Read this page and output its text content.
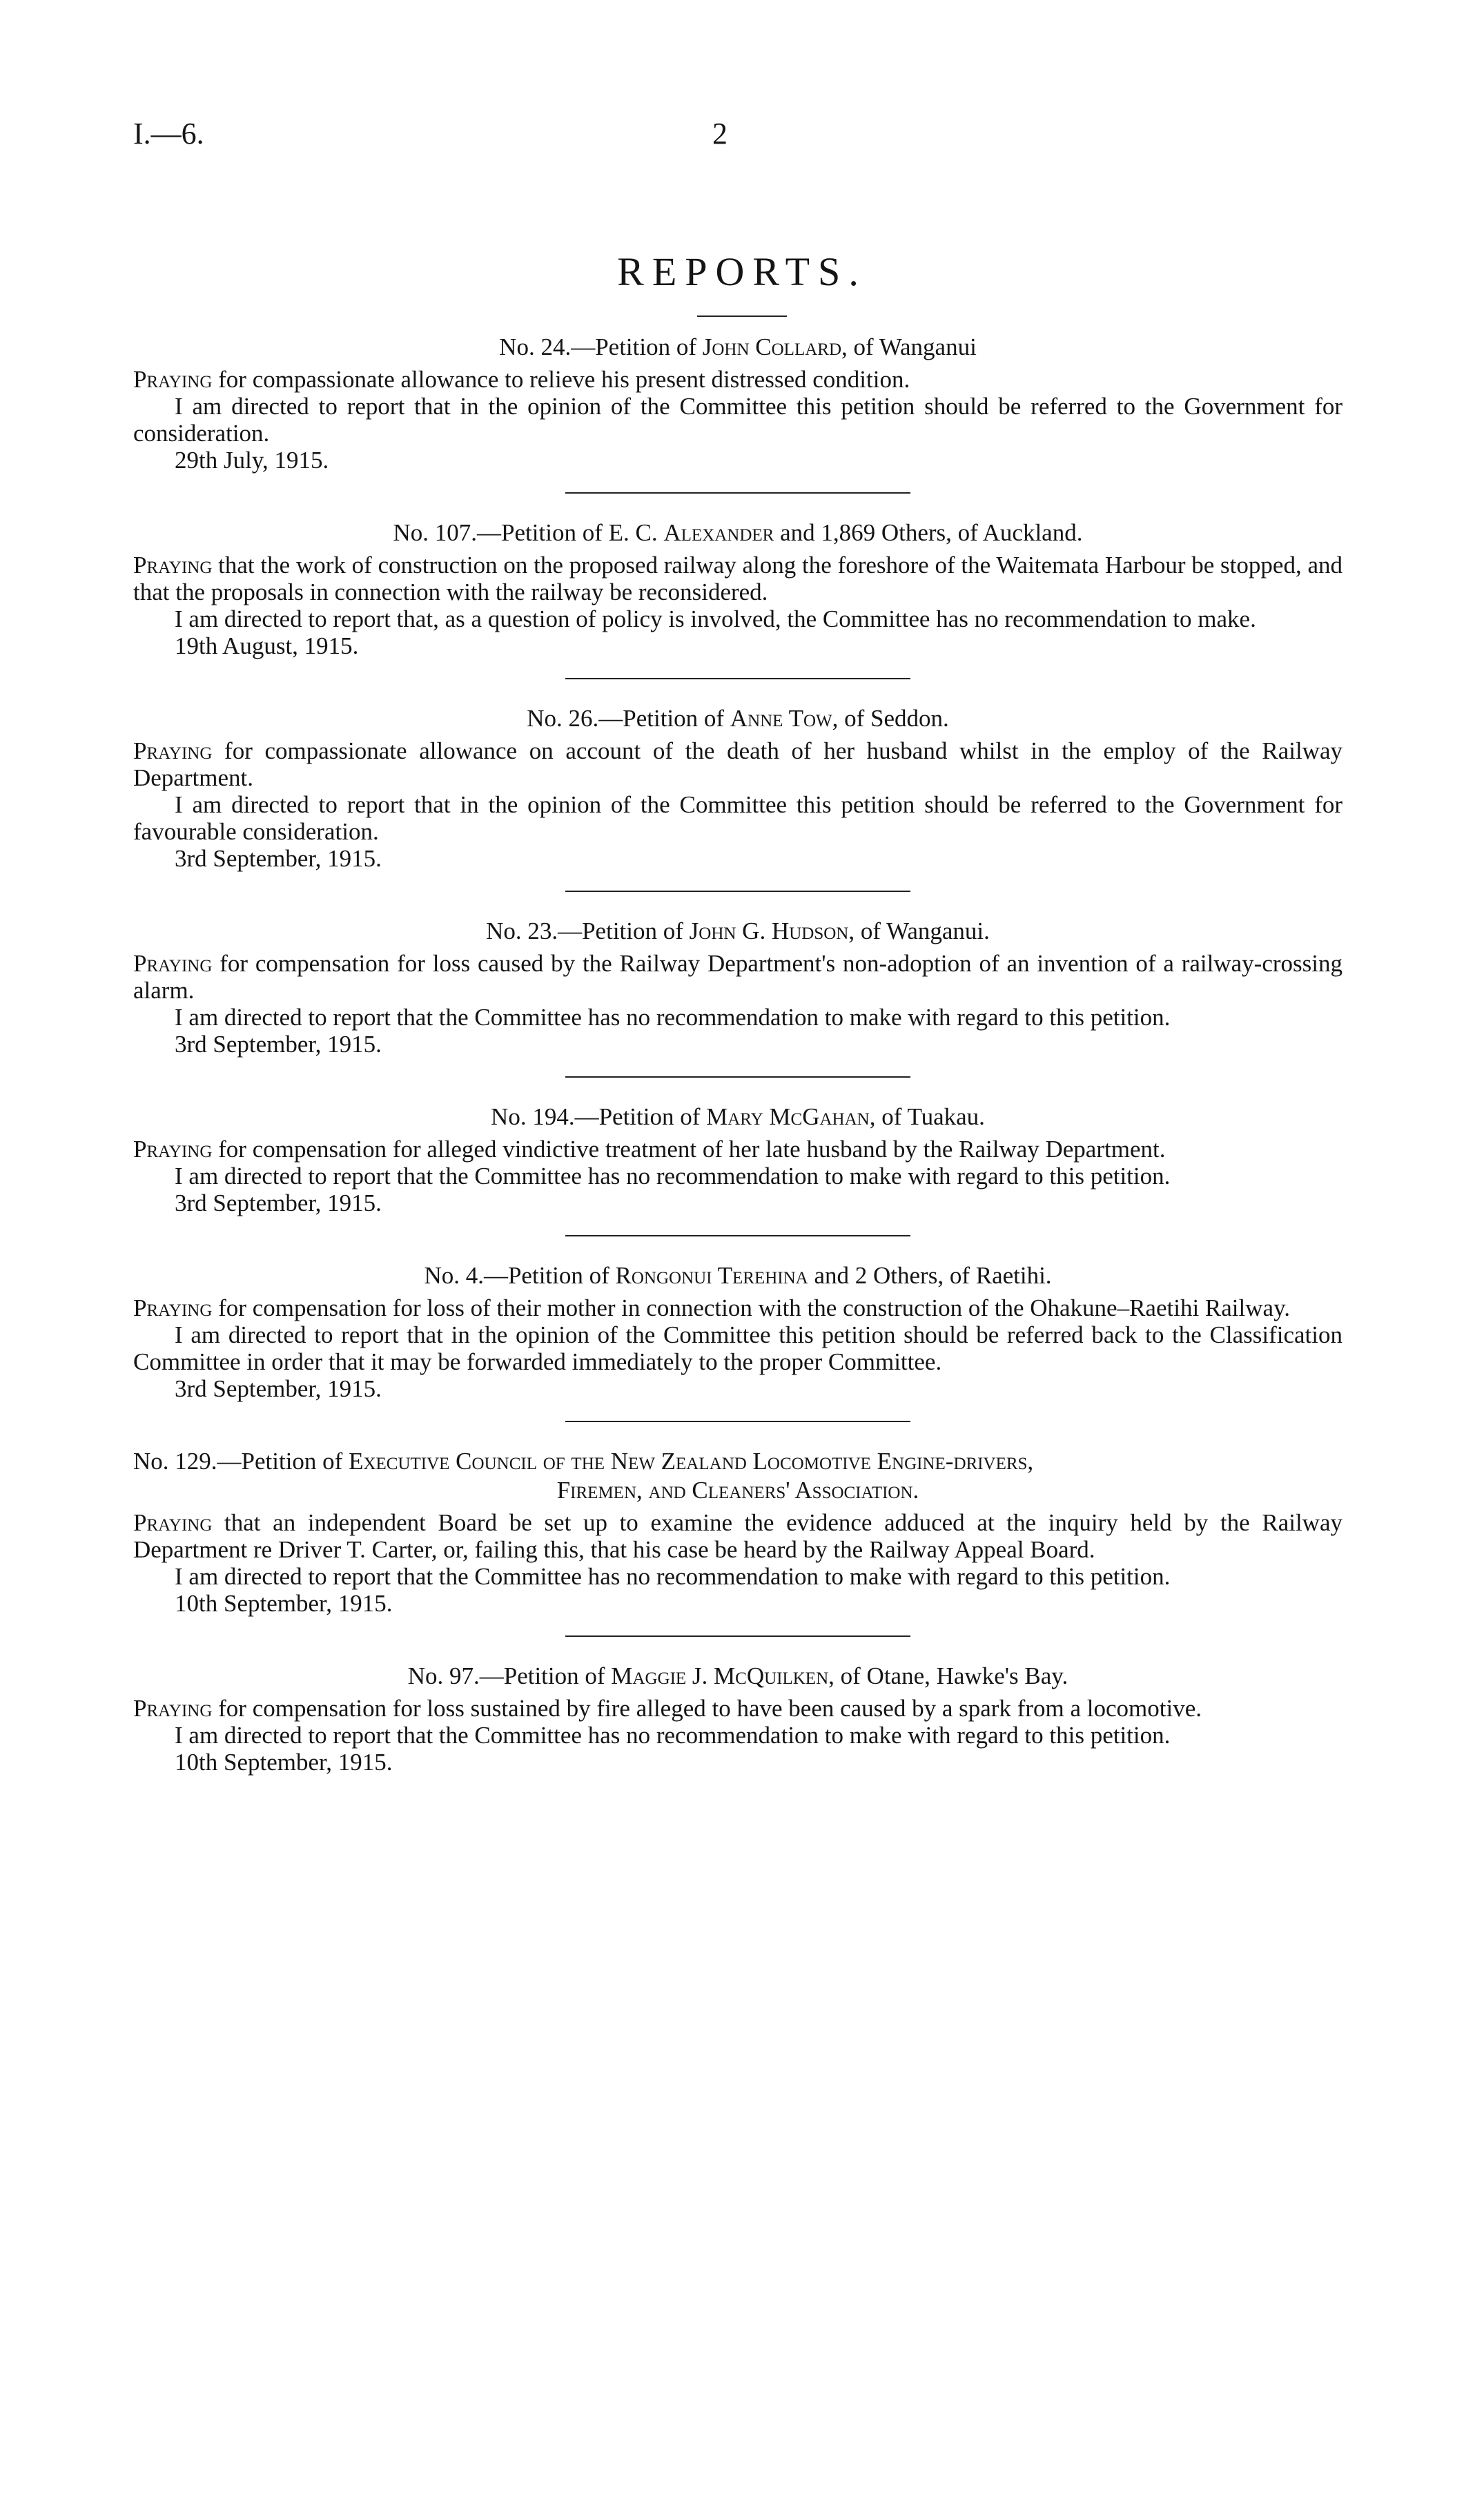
I.—6.	2
REPORTS.
No. 24.—Petition of John Collard, of Wanganui

Praying for compassionate allowance to relieve his present distressed condition.

I am directed to report that in the opinion of the Committee this petition should be referred to the Government for consideration.

29th July, 1915.

No. 107.—Petition of E. C. Alexander and 1,869 Others, of Auckland.

Praying that the work of construction on the proposed railway along the foreshore of the Waitemata Harbour be stopped, and that the proposals in connection with the railway be reconsidered.

I am directed to report that, as a question of policy is involved, the Committee has no recommendation to make.

19th August, 1915.

No. 26.—Petition of Anne Tow, of Seddon.

Praying for compassionate allowance on account of the death of her husband whilst in the employ of the Railway Department.

I am directed to report that in the opinion of the Committee this petition should be referred to the Government for favourable consideration.

3rd September, 1915.

No. 23.—Petition of John G. Hudson, of Wanganui.

Praying for compensation for loss caused by the Railway Department's non-adoption of an invention of a railway-crossing alarm.

I am directed to report that the Committee has no recommendation to make with regard to this petition.

3rd September, 1915.

No. 194.—Petition of Mary McGahan, of Tuakau.

Praying for compensation for alleged vindictive treatment of her late husband by the Railway Department.

I am directed to report that the Committee has no recommendation to make with regard to this petition.

3rd September, 1915.

No. 4.—Petition of Rongonui Terehina and 2 Others, of Raetihi.

Praying for compensation for loss of their mother in connection with the construction of the Ohakune–Raetihi Railway.

I am directed to report that in the opinion of the Committee this petition should be referred back to the Classification Committee in order that it may be forwarded immediately to the proper Committee.

3rd September, 1915.

No. 129.—Petition of Executive Council of the New Zealand Locomotive Engine-drivers,
Firemen, and Cleaners' Association.

Praying that an independent Board be set up to examine the evidence adduced at the inquiry held by the Railway Department re Driver T. Carter, or, failing this, that his case be heard by the Railway Appeal Board.

I am directed to report that the Committee has no recommendation to make with regard to this petition.

10th September, 1915.

No. 97.—Petition of Maggie J. McQuilken, of Otane, Hawke's Bay.

Praying for compensation for loss sustained by fire alleged to have been caused by a spark from a locomotive.

I am directed to report that the Committee has no recommendation to make with regard to this petition.

10th September, 1915.
